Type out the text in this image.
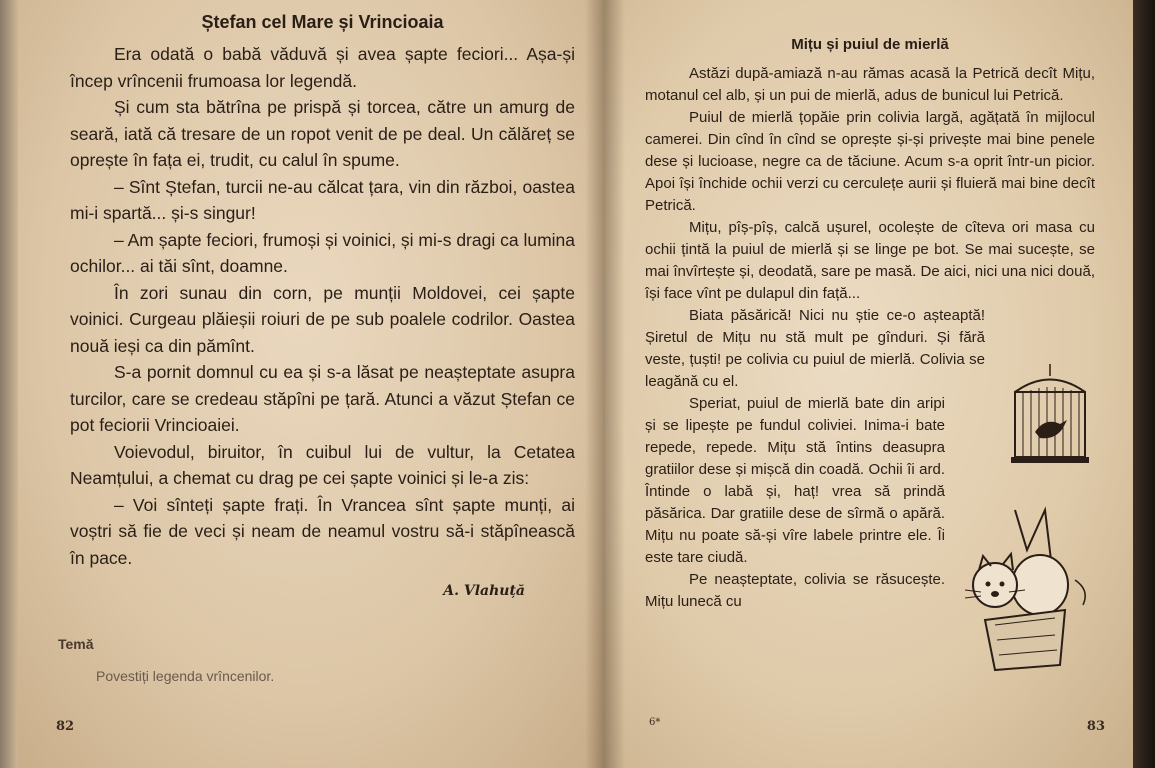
Ștefan cel Mare și Vrincioaia

Era odată o babă văduvă și avea șapte feciori... Așa-și încep vrîncenii frumoasa lor legendă.

Și cum sta bătrîna pe prispă și torcea, către un amurg de seară, iată că tresare de un ropot venit de pe deal. Un călăreț se oprește în fața ei, trudit, cu calul în spume.

– Sînt Ștefan, turcii ne-au călcat țara, vin din război, oastea mi-i spartă... și-s singur!

– Am șapte feciori, frumoși și voinici, și mi-s dragi ca lumina ochilor... ai tăi sînt, doamne.

În zori sunau din corn, pe munții Moldovei, cei șapte voinici. Curgeau plăieșii roiuri de pe sub poalele codrilor. Oastea nouă ieși ca din pămînt.

S-a pornit domnul cu ea și s-a lăsat pe neașteptate asupra turcilor, care se credeau stăpîni pe țară. Atunci a văzut Ștefan ce pot feciorii Vrincioaiei.

Voievodul, biruitor, în cuibul lui de vultur, la Cetatea Neamțului, a chemat cu drag pe cei șapte voinici și le-a zis:

– Voi sînteți șapte frați. În Vrancea sînt șapte munți, ai voștri să fie de veci și neam de neamul vostru să-i stăpînească în pace.

A. Vlahuță
Temă
Povestiți legenda vrîncenilor.
82
Mițu și puiul de mierlă

Astăzi după-amiază n-au rămas acasă la Petrică decît Mițu, motanul cel alb, și un pui de mierlă, adus de bunicul lui Petrică.

Puiul de mierlă țopăie prin colivia largă, agățată în mijlocul camerei. Din cînd în cînd se oprește și-și privește mai bine penele dese și lucioase, negre ca de tăciune. Acum s-a oprit într-un picior. Apoi își închide ochii verzi cu cerculețe aurii și fluieră mai bine decît Petrică.

Mițu, pîș-pîș, calcă ușurel, ocolește de cîteva ori masa cu ochii țintă la puiul de mierlă și se linge pe bot. Se mai sucește, se mai învîrtește și, deodată, sare pe masă. De aici, nici una nici două, își face vînt pe dulapul din față...

Biata păsărică! Nici nu știe ce-o așteaptă! Șiretul de Mițu nu stă mult pe gînduri. Și fără veste, țuști! pe colivia cu puiul de mierlă. Colivia se leagănă cu el.

Speriat, puiul de mierlă bate din aripi și se lipește pe fundul coliviei. Inima-i bate repede, repede. Mițu stă întins deasupra gratiilor dese și mișcă din coadă. Ochii îi ard. Întinde o labă și, haț! vrea să prindă păsărica. Dar gratiile dese de sîrmă o apără. Mițu nu poate să-și vîre labele printre ele. Îi este tare ciudă.

Pe neașteptate, colivia se răsucește. Mițu lunecă cu

6*	83
